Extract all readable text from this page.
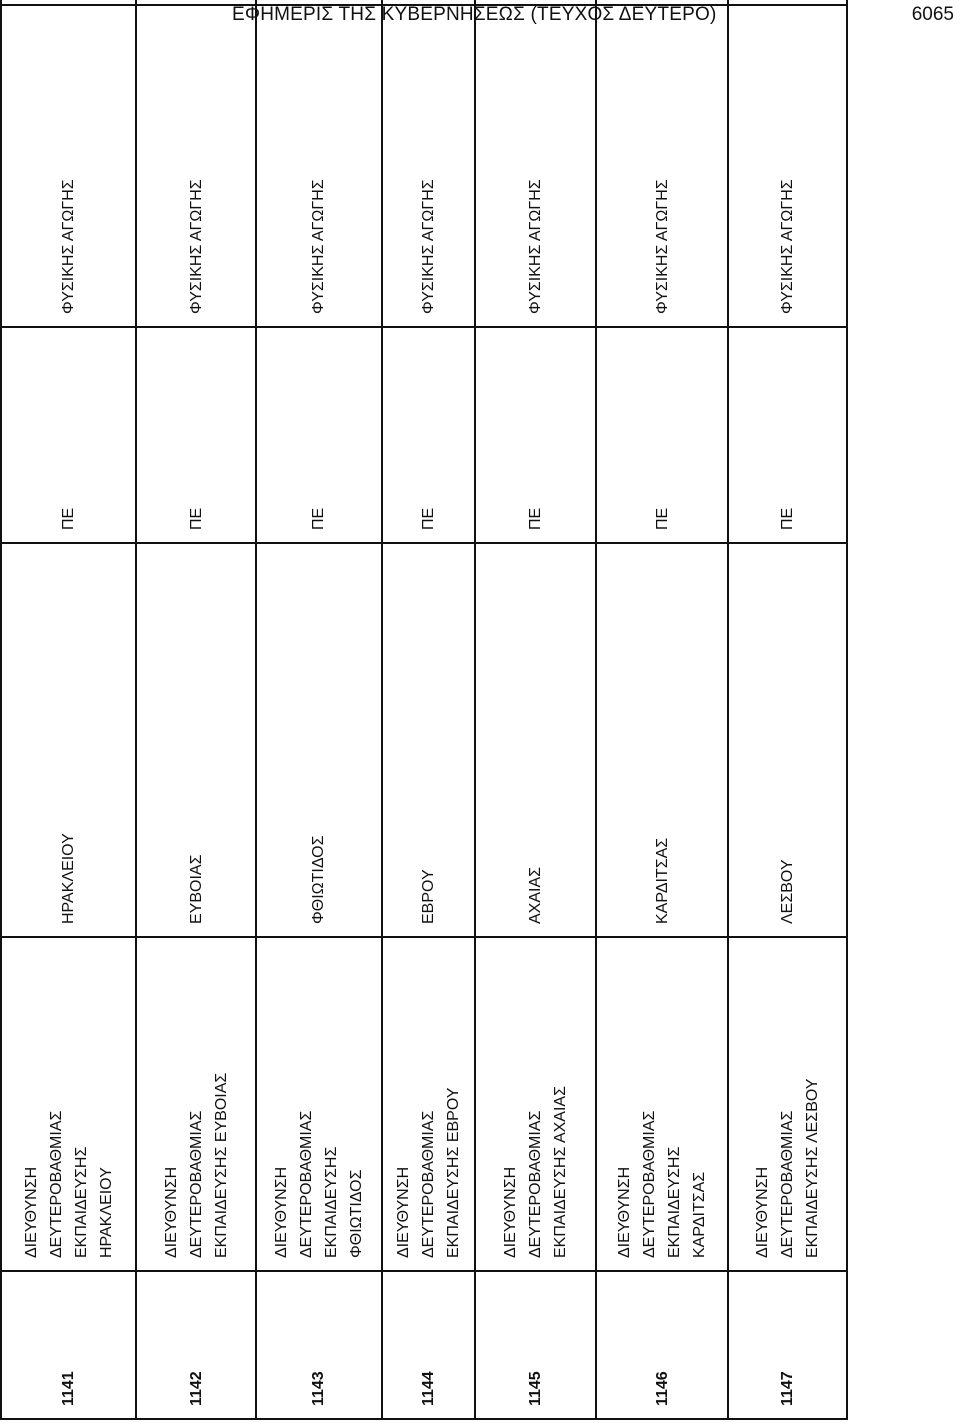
ΕΦΗΜΕΡΙΣ ΤΗΣ ΚΥΒΕΡΝΗΣΕΩΣ (ΤΕΥΧΟΣ ΔΕΥΤΕΡΟ)	6065
1141	ΔΙΕΥΘΥΝΣΗ ΔΕΥΤΕΡΟΒΑΘΜΙΑΣ ΕΚΠΑΙΔΕΥΣΗΣ ΗΡΑΚΛΕΙΟΥ	ΗΡΑΚΛΕΙΟΥ	ΠΕ	ΦΥΣΙΚΗΣ ΑΓΩΓΗΣ	
1142	ΔΙΕΥΘΥΝΣΗ ΔΕΥΤΕΡΟΒΑΘΜΙΑΣ ΕΚΠΑΙΔΕΥΣΗΣ ΕΥΒΟΙΑΣ	ΕΥΒΟΙΑΣ	ΠΕ	ΦΥΣΙΚΗΣ ΑΓΩΓΗΣ	
1143	ΔΙΕΥΘΥΝΣΗ ΔΕΥΤΕΡΟΒΑΘΜΙΑΣ ΕΚΠΑΙΔΕΥΣΗΣ ΦΘΙΩΤΙΔΟΣ	ΦΘΙΩΤΙΔΟΣ	ΠΕ	ΦΥΣΙΚΗΣ ΑΓΩΓΗΣ	
1144	ΔΙΕΥΘΥΝΣΗ ΔΕΥΤΕΡΟΒΑΘΜΙΑΣ ΕΚΠΑΙΔΕΥΣΗΣ ΕΒΡΟΥ	ΕΒΡΟΥ	ΠΕ	ΦΥΣΙΚΗΣ ΑΓΩΓΗΣ	
1145	ΔΙΕΥΘΥΝΣΗ ΔΕΥΤΕΡΟΒΑΘΜΙΑΣ ΕΚΠΑΙΔΕΥΣΗΣ ΑΧΑΙΑΣ	ΑΧΑΙΑΣ	ΠΕ	ΦΥΣΙΚΗΣ ΑΓΩΓΗΣ	
1146	ΔΙΕΥΘΥΝΣΗ ΔΕΥΤΕΡΟΒΑΘΜΙΑΣ ΕΚΠΑΙΔΕΥΣΗΣ ΚΑΡΔΙΤΣΑΣ	ΚΑΡΔΙΤΣΑΣ	ΠΕ	ΦΥΣΙΚΗΣ ΑΓΩΓΗΣ	
1147	ΔΙΕΥΘΥΝΣΗ ΔΕΥΤΕΡΟΒΑΘΜΙΑΣ ΕΚΠΑΙΔΕΥΣΗΣ ΛΕΣΒΟΥ	ΛΕΣΒΟΥ	ΠΕ	ΦΥΣΙΚΗΣ ΑΓΩΓΗΣ	
